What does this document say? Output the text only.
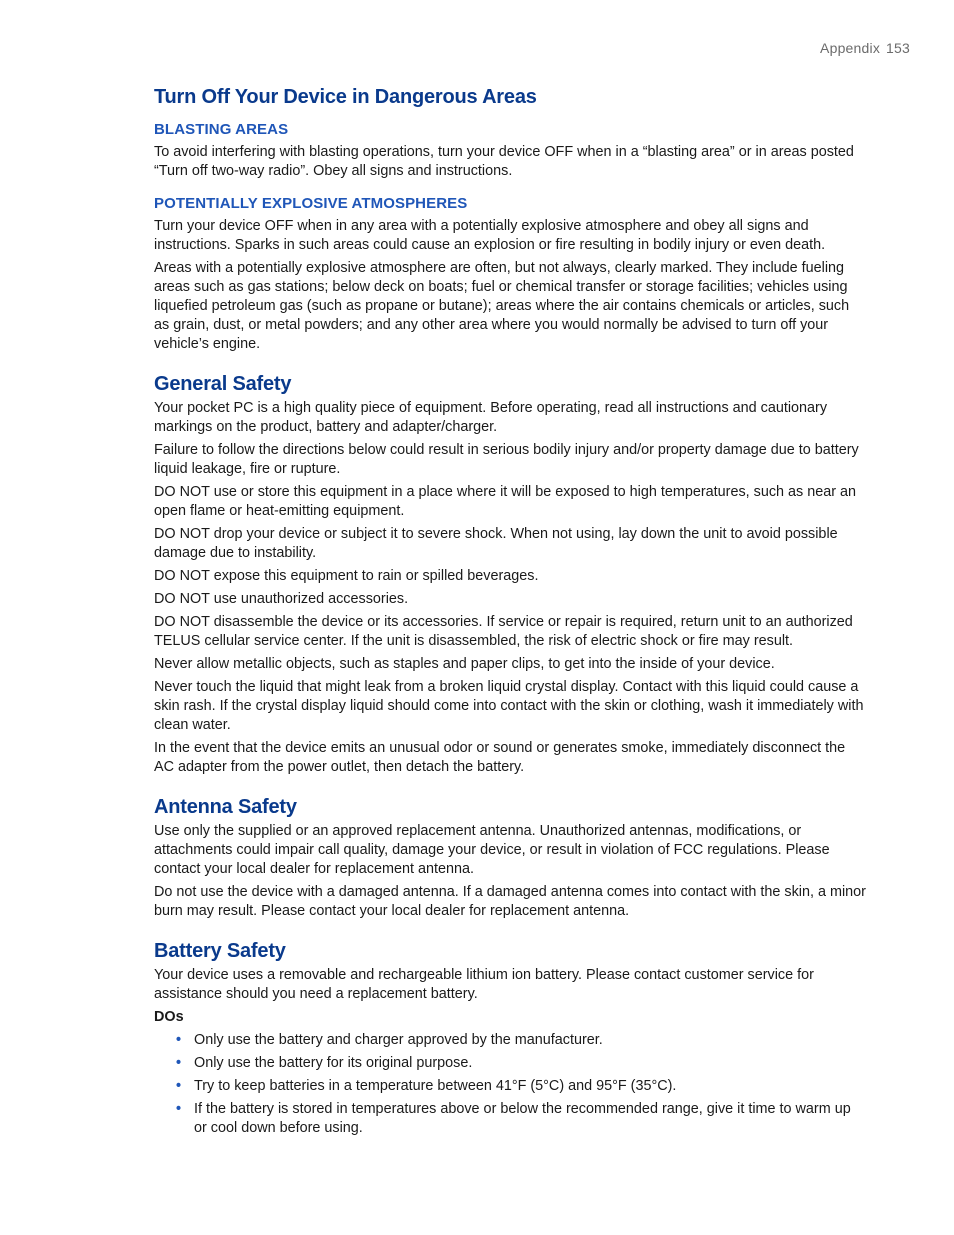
Appendix 153
Turn Off Your Device in Dangerous Areas
BLASTING AREAS

To avoid interfering with blasting operations, turn your device OFF when in a “blasting area” or in areas posted “Turn off two-way radio”. Obey all signs and instructions.

POTENTIALLY EXPLOSIVE ATMOSPHERES

Turn your device OFF when in any area with a potentially explosive atmosphere and obey all signs and instructions. Sparks in such areas could cause an explosion or fire resulting in bodily injury or even death.

Areas with a potentially explosive atmosphere are often, but not always, clearly marked. They include fueling areas such as gas stations; below deck on boats; fuel or chemical transfer or storage facilities; vehicles using liquefied petroleum gas (such as propane or butane); areas where the air contains chemicals or articles, such as grain, dust, or metal powders; and any other area where you would normally be advised to turn off your vehicle’s engine.

General Safety

Your pocket PC is a high quality piece of equipment. Before operating, read all instructions and cautionary markings on the product, battery and adapter/charger.

Failure to follow the directions below could result in serious bodily injury and/or property damage due to battery liquid leakage, fire or rupture.

DO NOT use or store this equipment in a place where it will be exposed to high temperatures, such as near an open flame or heat-emitting equipment.

DO NOT drop your device or subject it to severe shock. When not using, lay down the unit to avoid possible damage due to instability.

DO NOT expose this equipment to rain or spilled beverages.

DO NOT use unauthorized accessories.

DO NOT disassemble the device or its accessories. If service or repair is required, return unit to an authorized TELUS cellular service center. If the unit is disassembled, the risk of electric shock or fire may result.

Never allow metallic objects, such as staples and paper clips, to get into the inside of your device.

Never touch the liquid that might leak from a broken liquid crystal display. Contact with this liquid could cause a skin rash. If the crystal display liquid should come into contact with the skin or clothing, wash it immediately with clean water.

In the event that the device emits an unusual odor or sound or generates smoke, immediately disconnect the AC adapter from the power outlet, then detach the battery.

Antenna Safety

Use only the supplied or an approved replacement antenna. Unauthorized antennas, modifications, or attachments could impair call quality, damage your device, or result in violation of FCC regulations. Please contact your local dealer for replacement antenna.

Do not use the device with a damaged antenna. If a damaged antenna comes into contact with the skin, a minor burn may result. Please contact your local dealer for replacement antenna.

Battery Safety

Your device uses a removable and rechargeable lithium ion battery. Please contact customer service for assistance should you need a replacement battery.

DOs

• Only use the battery and charger approved by the manufacturer.
• Only use the battery for its original purpose.
• Try to keep batteries in a temperature between 41°F (5°C) and 95°F (35°C).
• If the battery is stored in temperatures above or below the recommended range, give it time to warm up or cool down before using.
